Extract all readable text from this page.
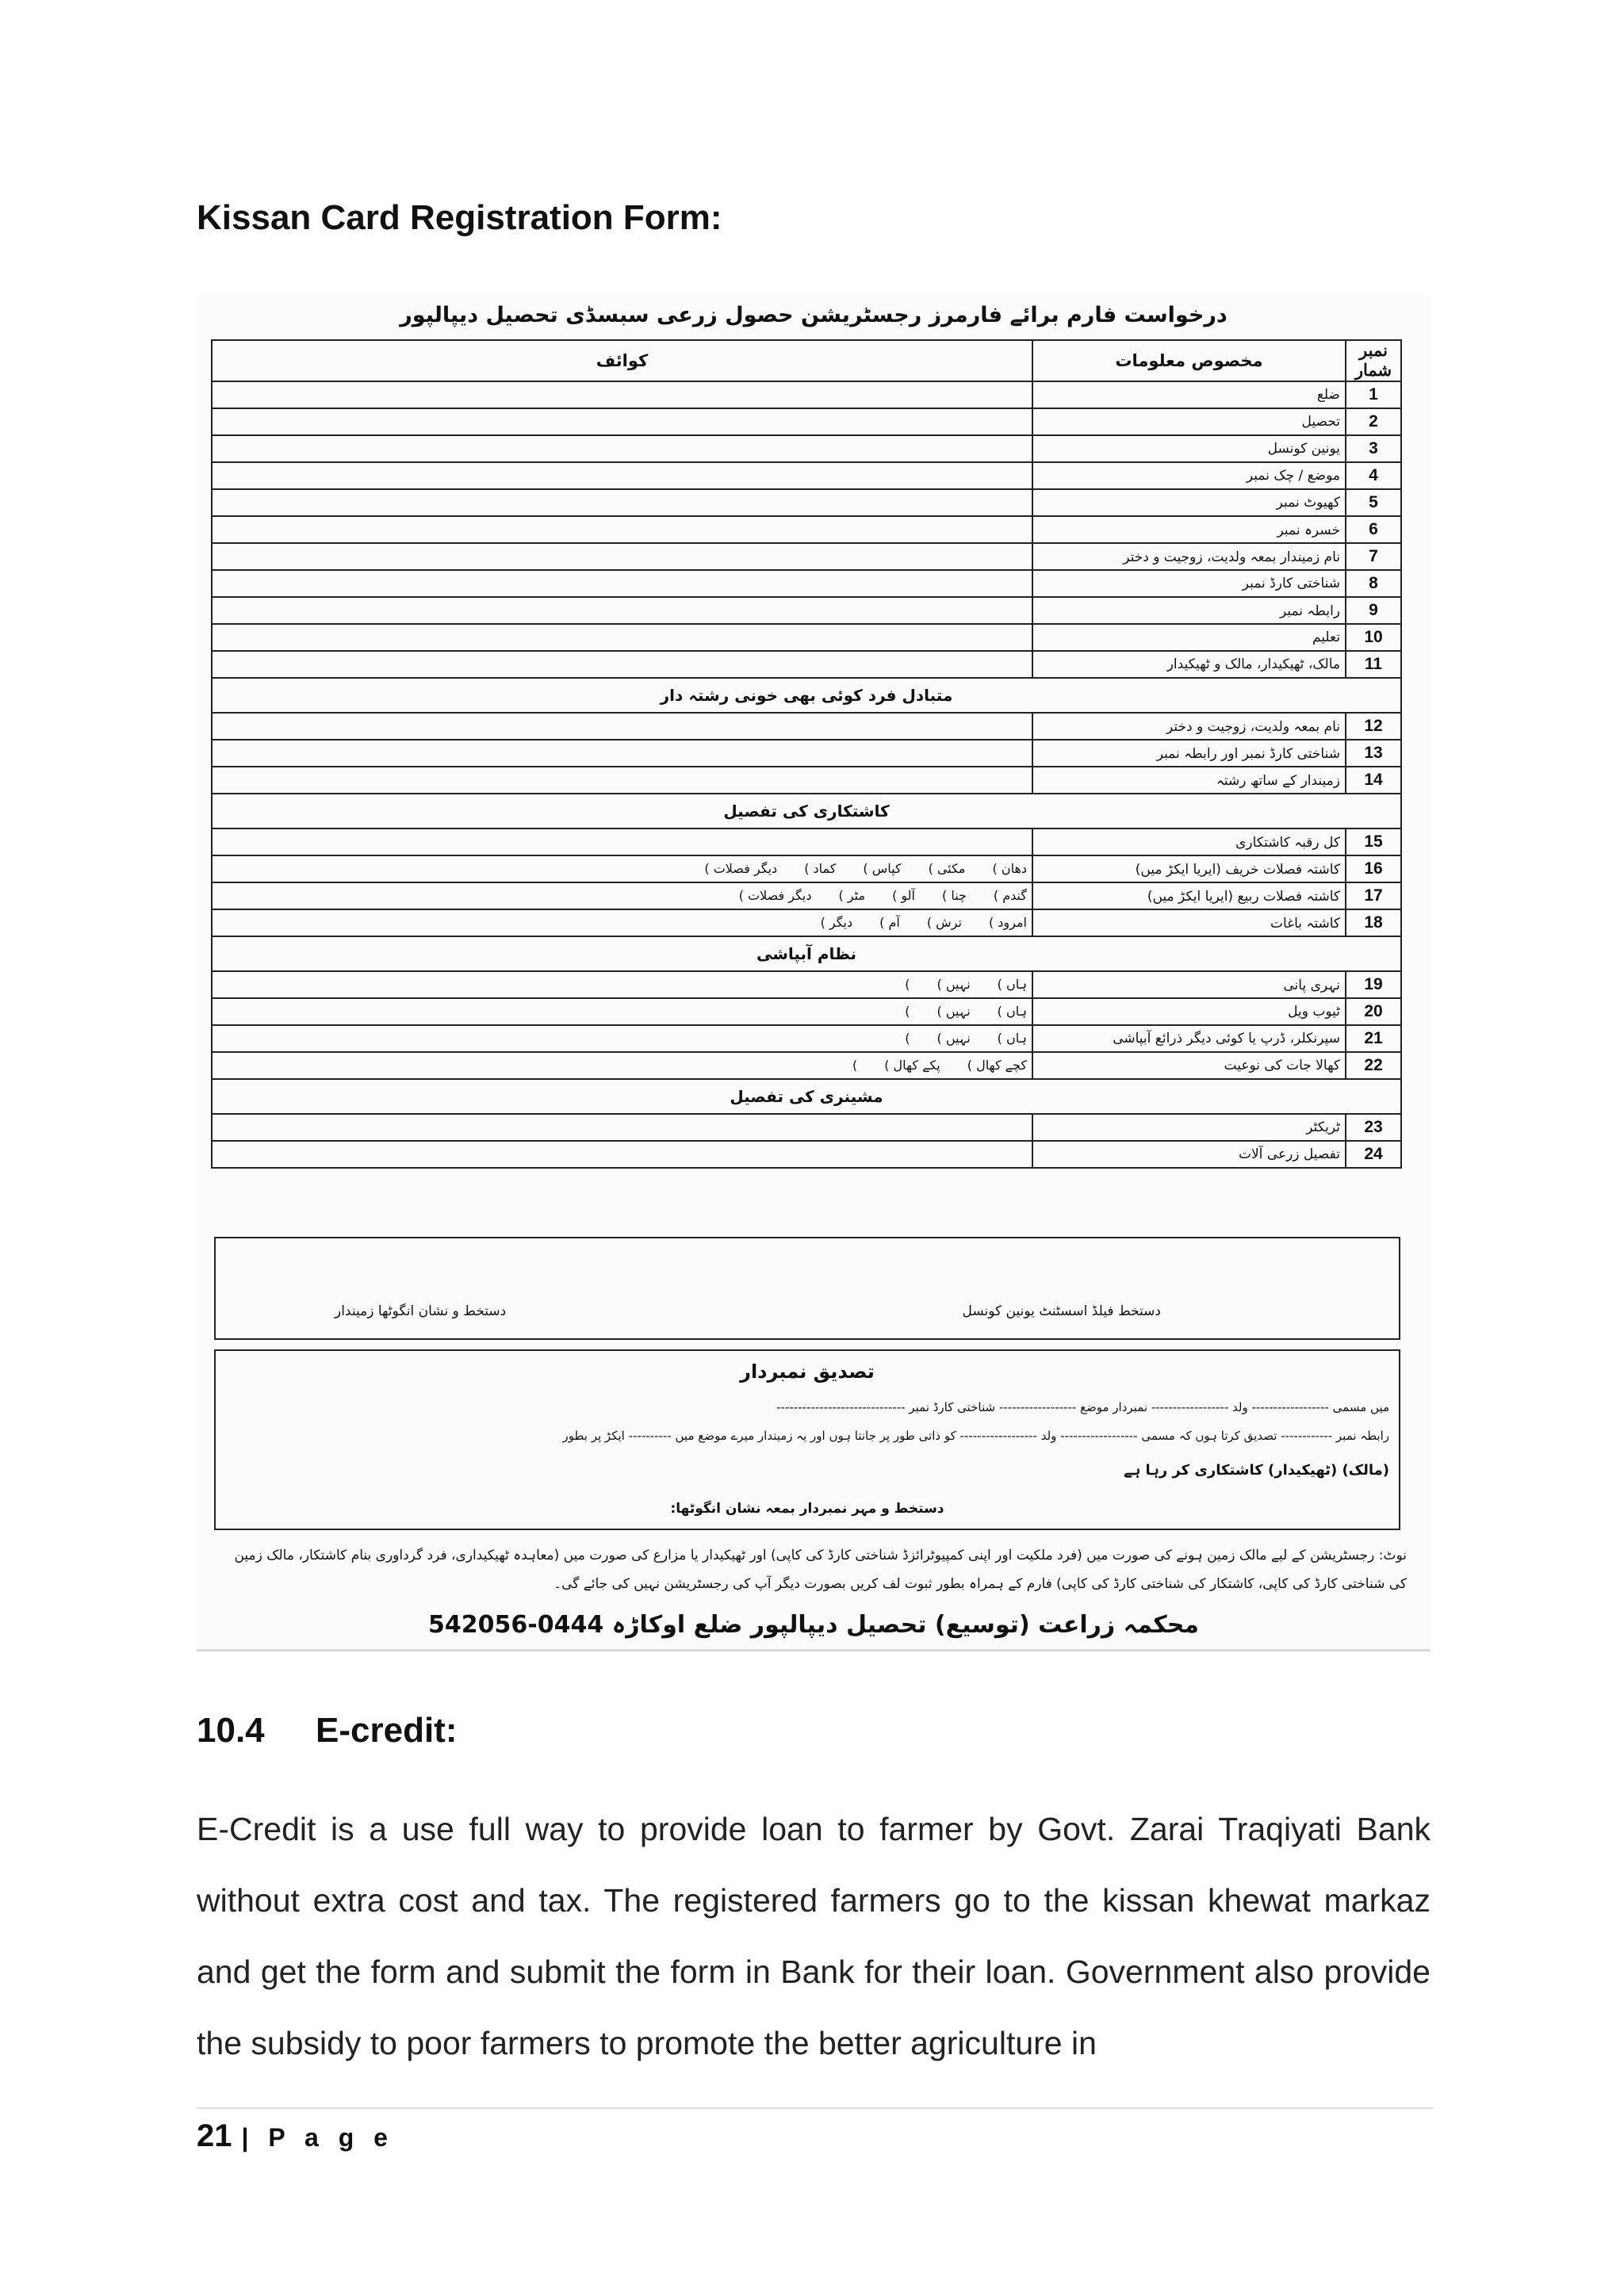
Kissan Card Registration Form:
درخواست فارم برائے فارمرز رجسٹریشن حصول زرعی سبسڈی تحصیل دیپالپور
نمبر شمار	مخصوص معلومات	کوائف
1	ضلع	
2	تحصیل	
3	یونین کونسل	
4	موضع / چک نمبر	
5	کھیوٹ نمبر	
6	خسرہ نمبر	
7	نام زمیندار بمعہ ولدیت، زوجیت و دختر	
8	شناختی کارڈ نمبر	
9	رابطہ نمبر	
10	تعلیم	
11	مالک، ٹھیکیدار، مالک و ٹھیکیدار	
متبادل فرد کوئی بھی خونی رشتہ دار		
12	نام بمعہ ولدیت، زوجیت و دختر	
13	شناختی کارڈ نمبر اور رابطہ نمبر	
14	زمیندار کے ساتھ رشتہ	
کاشتکاری کی تفصیل		
15	کل رقبہ کاشتکاری	
16	کاشتہ فصلات خریف (ایریا ایکڑ میں)	دھان )مکئی )کپاس )کماد )دیگر فصلات )
17	کاشتہ فصلات ربیع (ایریا ایکڑ میں)	گندم )چنا )آلو )مٹر )دیگر فصلات )
18	کاشتہ باغات	امرود )ترش )آم )دیگر )
نظام آبپاشی		
19	نہری پانی	ہاں )نہیں ))
20	ٹیوب ویل	ہاں )نہیں ))
21	سپرنکلر، ڈرپ یا کوئی دیگر ذرائع آبپاشی	ہاں )نہیں ))
22	کھالا جات کی نوعیت	کچے کھال )پکے کھال ))
مشینری کی تفصیل		
23	ٹریکٹر	
24	تفصیل زرعی آلات	
دستخط و نشان انگوٹھا زمیندار	دستخط فیلڈ اسسٹنٹ یونین کونسل
تصدیق نمبردار
میں مسمی ------------------ ولد ------------------ نمبردار موضع ------------------ شناختی کارڈ نمبر ------------------------------
رابطہ نمبر ------------ تصدیق کرتا ہوں کہ مسمی ------------------ ولد ------------------ کو ذاتی طور پر جانتا ہوں اور یہ زمیندار میرے موضع میں ---------- ایکڑ پر بطور
(مالک) (ٹھیکیدار) کاشتکاری کر رہا ہے
دستخط و مہر نمبردار بمعہ نشان انگوٹھا:
نوٹ: رجسٹریشن کے لیے مالک زمین ہونے کی صورت میں (فرد ملکیت اور اپنی کمپیوٹرائزڈ شناختی کارڈ کی کاپی) اور ٹھیکیدار یا مزارع کی صورت میں (معاہدہ ٹھیکیداری، فرد گرداوری بنام کاشتکار، مالک زمین کی شناختی کارڈ کی کاپی، کاشتکار کی شناختی کارڈ کی کاپی) فارم کے ہمراہ بطور ثبوت لف کریں بصورت دیگر آپ کی رجسٹریشن نہیں کی جائے گی۔
محکمہ زراعت (توسیع) تحصیل دیپالپور ضلع اوکاڑہ 0444-542056
10.4 E-credit:
E-Credit is a use full way to provide loan to farmer by Govt. Zarai Traqiyati Bank without extra cost and tax. The registered farmers go to the kissan khewat markaz and get the form and submit the form in Bank for their loan. Government also provide the subsidy to poor farmers to promote the better agriculture in
21 | P a g e
